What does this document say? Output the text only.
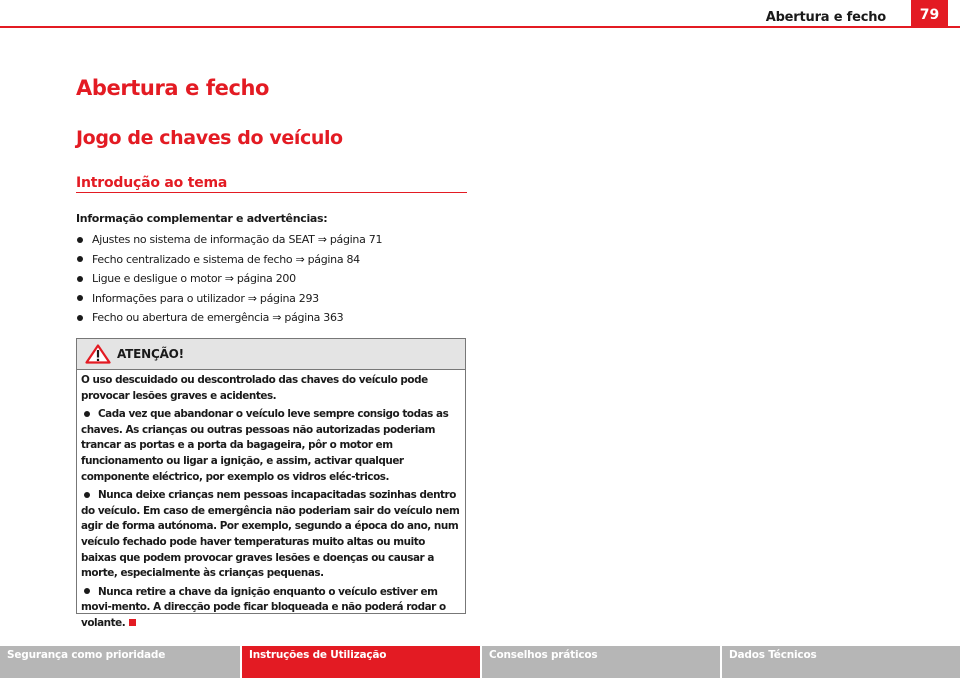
Abertura e fecho	79
Abertura e fecho
Jogo de chaves do veículo
Introdução ao tema
Informação complementar e advertências:
Ajustes no sistema de informação da SEAT ⇒ página 71
Fecho centralizado e sistema de fecho ⇒ página 84
Ligue e desligue o motor ⇒ página 200
Informações para o utilizador ⇒ página 293
Fecho ou abertura de emergência ⇒ página 363
ATENÇÃO!

O uso descuidado ou descontrolado das chaves do veículo pode provocar lesões graves e acidentes.

Cada vez que abandonar o veículo leve sempre consigo todas as chaves. As crianças ou outras pessoas não autorizadas poderiam trancar as portas e a porta da bagageira, pôr o motor em funcionamento ou ligar a ignição, e assim, activar qualquer componente eléctrico, por exemplo os vidros eléc-tricos.

Nunca deixe crianças nem pessoas incapacitadas sozinhas dentro do veículo. Em caso de emergência não poderiam sair do veículo nem agir de forma autónoma. Por exemplo, segundo a época do ano, num veículo fechado pode haver temperaturas muito altas ou muito baixas que podem provocar graves lesões e doenças ou causar a morte, especialmente às crianças pequenas.

Nunca retire a chave da ignição enquanto o veículo estiver em movi-mento. A direcção pode ficar bloqueada e não poderá rodar o volante.

Segurança como prioridade	Instruções de Utilização	Conselhos práticos	Dados Técnicos
